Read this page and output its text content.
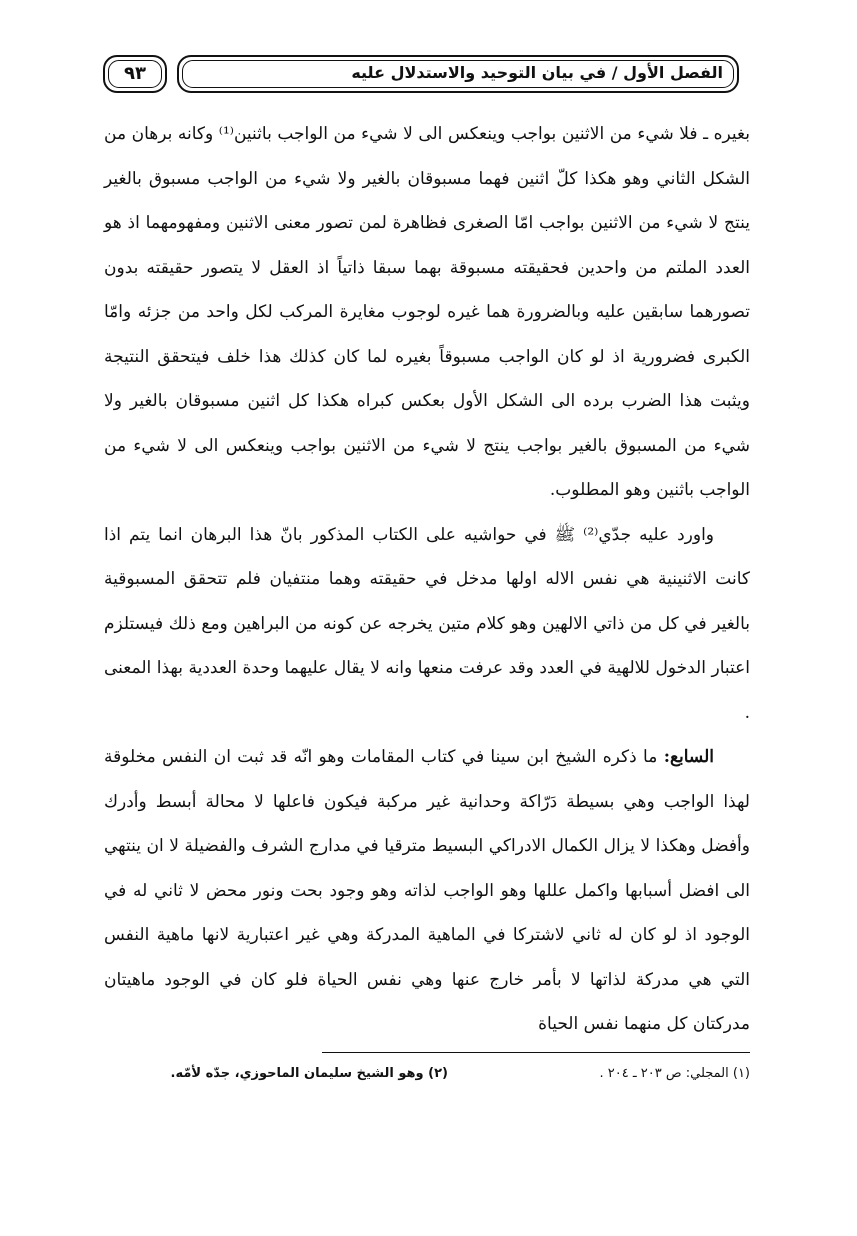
٩٣	الفصل الأول / في بيان التوحيد والاستدلال عليه

بغيره ـ فلا شيء من الاثنين بواجب وينعكس الى لا شيء من الواجب باثنين⁽¹⁾ وكانه برهان من الشكل الثاني وهو هكذا كلّ اثنين فهما مسبوقان بالغير ولا شيء من الواجب مسبوق بالغير ينتج لا شيء من الاثنين بواجب امّا الصغرى فظاهرة لمن تصور معنى الاثنين ومفهومهما اذ هو العدد الملتم من واحدين فحقيقته مسبوقة بهما سبقا ذاتياً اذ العقل لا يتصور حقيقته بدون تصورهما سابقين عليه وبالضرورة هما غيره لوجوب مغايرة المركب لكل واحد من جزئه وامّا الكبرى فضرورية اذ لو كان الواجب مسبوقاً بغيره لما كان كذلك هذا خلف فيتحقق النتيجة ويثبت هذا الضرب برده الى الشكل الأول بعكس كبراه هكذا كل اثنين مسبوقان بالغير ولا شيء من المسبوق بالغير بواجب ينتج لا شيء من الاثنين بواجب وينعكس الى لا شيء من الواجب باثنين وهو المطلوب.

واورد عليه جدّي⁽²⁾ ﷺ في حواشيه على الكتاب المذكور بانّ هذا البرهان انما يتم اذا كانت الاثنينية هي نفس الاله اولها مدخل في حقيقته وهما منتفيان فلم تتحقق المسبوقية بالغير في كل من ذاتي الالهين وهو كلام متين يخرجه عن كونه من البراهين ومع ذلك فيستلزم اعتبار الدخول للالهية في العدد وقد عرفت منعها وانه لا يقال عليهما وحدة العددية بهذا المعنى .

السابع: ما ذكره الشيخ ابن سينا في كتاب المقامات وهو انّه قد ثبت ان النفس مخلوقة لهذا الواجب وهي بسيطة دَرّاكة وحدانية غير مركبة فيكون فاعلها لا محالة أبسط وأدرك وأفضل وهكذا لا يزال الكمال الادراكي البسيط مترقيا في مدارج الشرف والفضيلة لا ان ينتهي الى افضل أسبابها واكمل عللها وهو الواجب لذاته وهو وجود بحت ونور محض لا ثاني له في الوجود اذ لو كان له ثاني لاشتركا في الماهية المدركة وهي غير اعتبارية لانها ماهية النفس التي هي مدركة لذاتها لا بأمر خارج عنها وهي نفس الحياة فلو كان في الوجود ماهيتان مدركتان كل منهما نفس الحياة

(١) المجلي: ص ٢٠٣ ـ ٢٠٤ .
(٢) وهو الشيخ سليمان الماحوزي، جدّه لأمّه.
